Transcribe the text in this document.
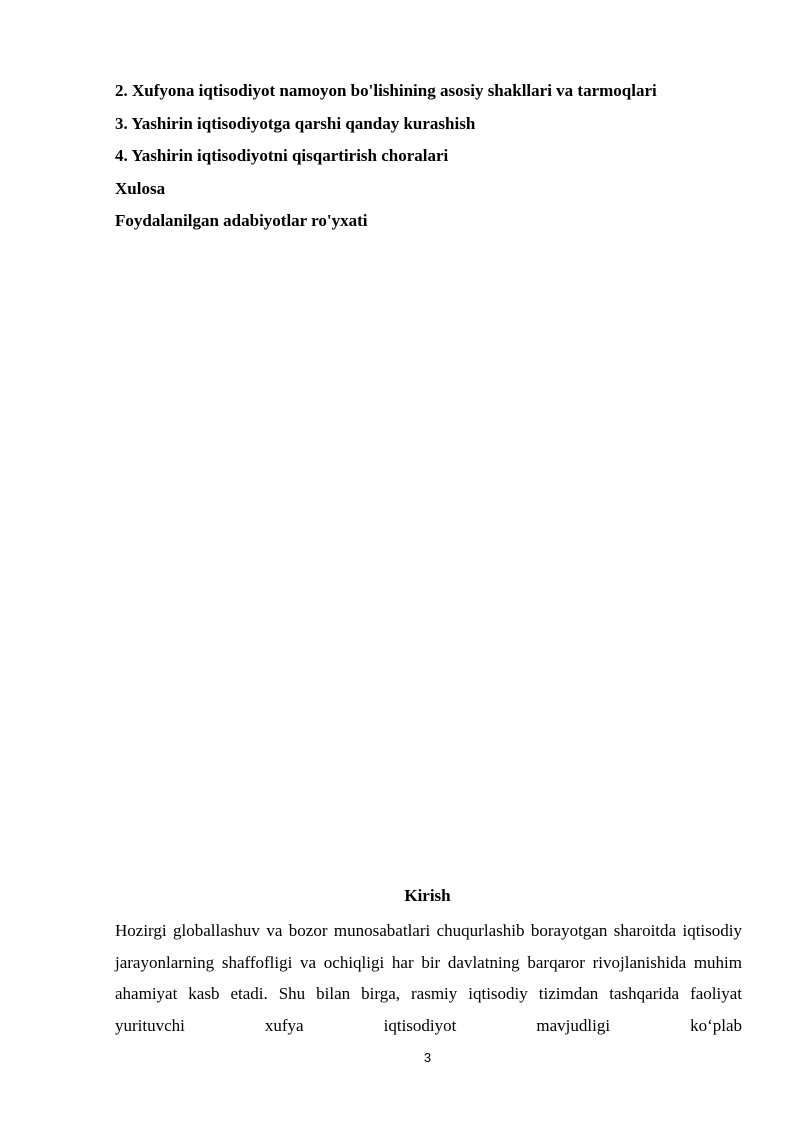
2. Xufyona iqtisodiyot namoyon bo'lishining asosiy shakllari va tarmoqlari
3. Yashirin iqtisodiyotga qarshi qanday kurashish
4. Yashirin iqtisodiyotni qisqartirish choralari
Xulosa
Foydalanilgan adabiyotlar ro'yxati
Kirish

Hozirgi globallashuv va bozor munosabatlari chuqurlashib borayotgan sharoitda iqtisodiy jarayonlarning shaffofligi va ochiqligi har bir davlatning barqaror rivojlanishida muhim ahamiyat kasb etadi. Shu bilan birga, rasmiy iqtisodiy tizimdan tashqarida faoliyat yurituvchi xufya iqtisodiyot mavjudligi ko‘plab

3
